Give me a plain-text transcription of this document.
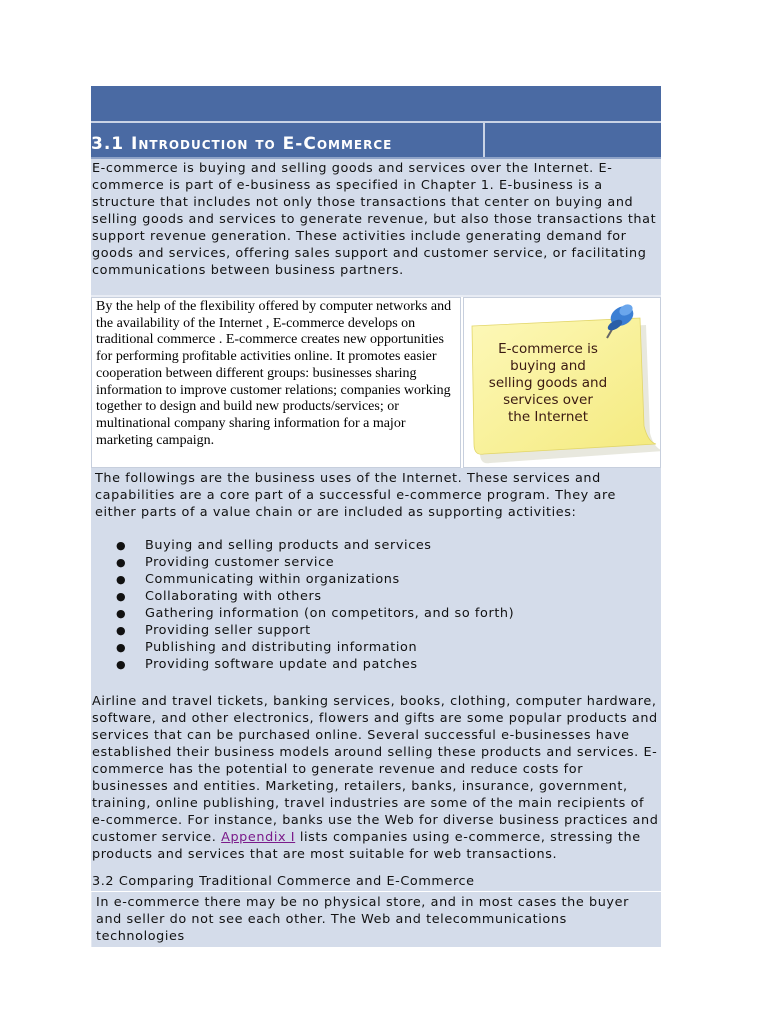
3.1
Introduction to E-Commerce
E-commerce is buying and selling goods and services over the Internet. E-commerce is part of e-business as specified in Chapter 1. E-business is a structure that includes not only those transactions that center on buying and selling goods and services to generate revenue, but also those transactions that support revenue generation. These activities include generating demand for goods and services, offering sales support and customer service, or facilitating communications between business partners.
By the help of the flexibility offered by computer networks and the availability of the Internet , E-commerce develops on traditional commerce . E-commerce creates new opportunities for performing profitable activities online. It promotes easier cooperation between different groups: businesses sharing information to improve customer relations; companies working together to design and build new products/services; or multinational company sharing information for a major marketing campaign.
E-commerce is
buying and
selling goods and
services over
the Internet
The followings are the business uses of the Internet. These services and capabilities are a core part of a successful e-commerce program. They are either parts of a value chain or are included as supporting activities:
●	Buying and selling products and services
●	Providing customer service
●	Communicating within organizations
●	Collaborating with others
●	Gathering information (on competitors, and so forth)
●	Providing seller support
●	Publishing and distributing information
●	Providing software update and patches
Airline and travel tickets, banking services, books, clothing, computer hardware, software, and other electronics, flowers and gifts are some popular products and services that can be purchased online. Several successful e-businesses have established their business models around selling these products and services. E-commerce has the potential to generate revenue and reduce costs for businesses and entities. Marketing, retailers, banks, insurance, government, training, online publishing, travel industries are some of the main recipients of e-commerce. For instance, banks use the Web for diverse business practices and customer service. Appendix I lists companies using e-commerce, stressing the products and services that are most suitable for web transactions.
3.2 Comparing Traditional Commerce and E-Commerce
In e-commerce there may be no physical store, and in most cases the buyer and seller do not see each other. The Web and telecommunications technologies
